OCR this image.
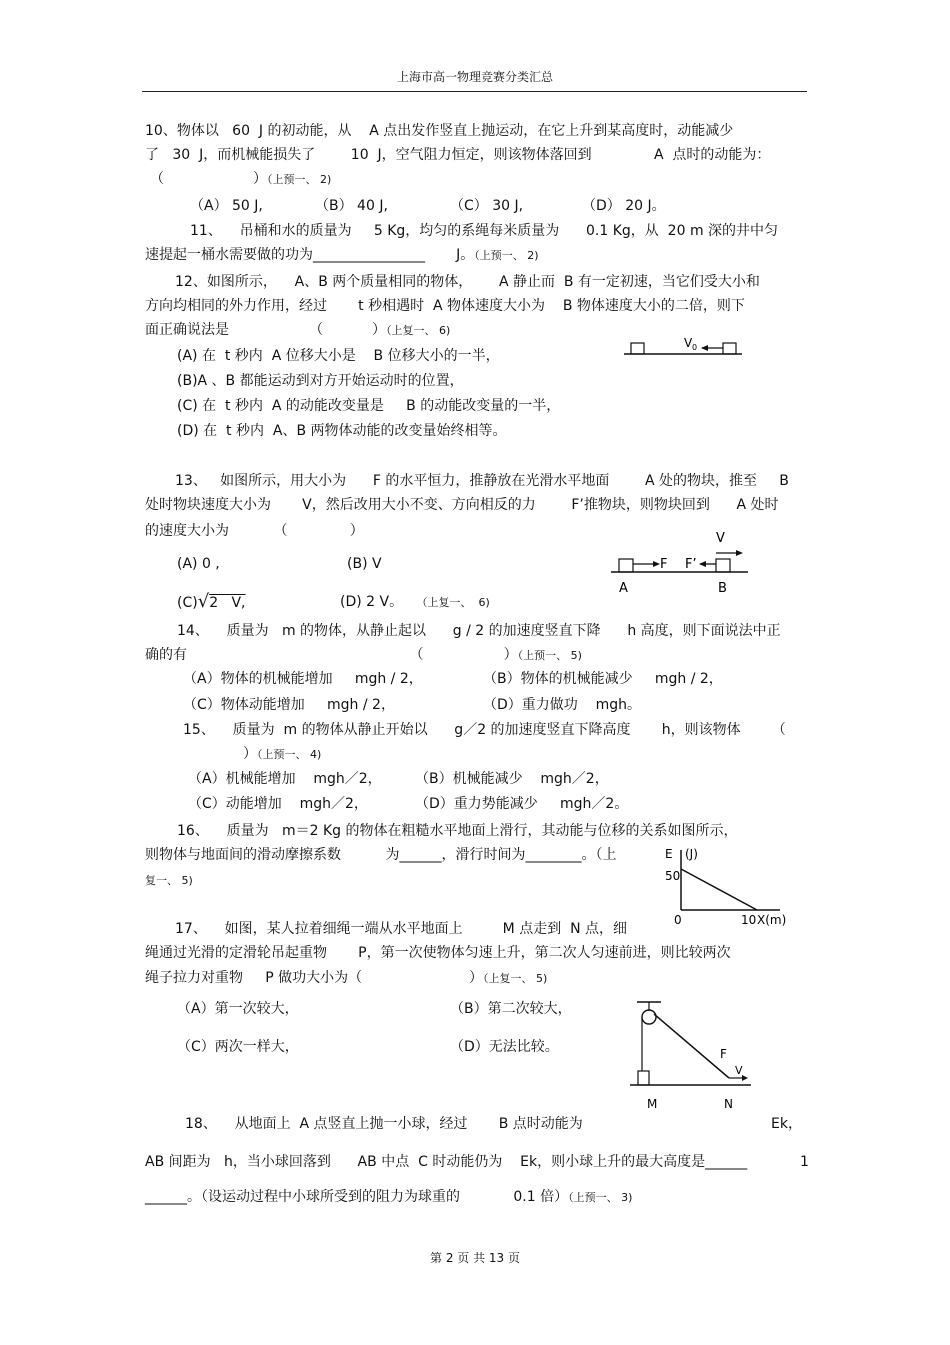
上海市高一物理竞赛分类汇总
10、物体以   60  J 的初动能，从    A 点出发作竖直上抛运动，在它上升到某高度时，动能减少
了   30  J，而机械能损失了        10  J，空气阻力恒定，则该物体落回到              A  点时的动能为：
（                    ）（上预一、 2)
（A） 50 J,	（B） 40 J,	（C） 30 J,	（D） 20 J。
11、    吊桶和水的质量为     5 Kg，均匀的系绳每米质量为      0.1 Kg，从  20 m 深的井中匀
速提起一桶水需要做的功为________________       J。（上预一、 2)
12、如图所示，    A、B 两个质量相同的物体，      A 静止而  B 有一定初速，当它们受大小和
方向均相同的外力作用，经过       t 秒相遇时  A 物体速度大小为    B 物体速度大小的二倍，则下
面正确说法是                  （           ）（上复一、 6)
(A) 在  t 秒内  A 位移大小是    B 位移大小的一半，
(B)A 、B 都能运动到对方开始运动时的位置，
(C) 在  t 秒内  A 的动能改变量是     B 的动能改变量的一半，
(D) 在  t 秒内  A、B 两物体动能的改变量始终相等。
V 0
13、   如图所示，用大小为      F 的水平恒力，推静放在光滑水平地面        A 处的物块，推至     B
处时物块速度大小为       V，然后改用大小不变、方向相反的力        F’推物块，则物块回到      A 处时
的速度大小为          （              ）
(A) 0 ,	(B) V
(C)√2   V,	(D) 2 V。 （上复一、  6)
F F’
V
A	B
14、    质量为   m 的物体，从静止起以      g / 2 的加速度竖直下降      h 高度，则下面说法中正
确的有                                                  （                  ）（上预一、 5)
（A）物体的机械能增加     mgh / 2，	（B）物体的机械能减少     mgh / 2，
（C）物体动能增加     mgh / 2，	（D）重力做功    mgh。
15、    质量为  m 的物体从静止开始以      g／2 的加速度竖直下降高度       h，则该物体       （
）（上预一、 4)
（A）机械能增加    mgh／2， （B）机械能减少    mgh／2，
（C）动能增加    mgh／2，	（D）重力势能减少     mgh／2。
16、    质量为   m＝2 Kg 的物体在粗糙水平地面上滑行，其动能与位移的关系如图所示，
则物体与地面间的滑动摩擦系数          为______，滑行时间为________。（上
复一、 5)
E (J)
50
0	10 X(m)
17、    如图，某人拉着细绳一端从水平地面上         M 点走到  N 点，细
绳通过光滑的定滑轮吊起重物       P，第一次使物体匀速上升，第二次人匀速前进，则比较两次
绳子拉力对重物     P 做功大小为（                        ）（上复一、 5)
（A）第一次较大，	（B）第二次较大，
（C）两次一样大，	（D）无法比较。	F
V
M	N
18、    从地面上  A 点竖直上抛一小球，经过       B 点时动能为	Ek，
AB 间距为   h，当小球回落到      AB 中点  C 时动能仍为    Ek，则小球上升的最大高度是______	1
______。（设运动过程中小球所受到的阻力为球重的            0.1 倍）（上预一、 3)
第 2 页 共 13 页
